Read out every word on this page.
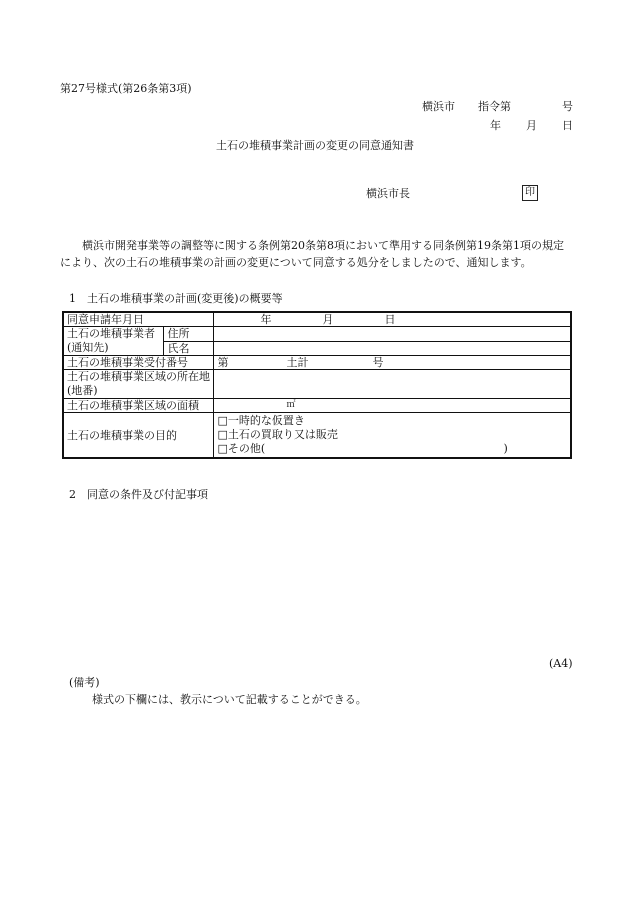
第27号様式(第26条第3項)
横浜市 指令第	号
年 月 日
土石の堆積事業計画の変更の同意通知書
横浜市長	印
横浜市開発事業等の調整等に関する条例第20条第8項において準用する同条例第19条第1項の規定により、次の土石の堆積事業の計画の変更について同意する処分をしましたので、通知します。
1　土石の堆積事業の計画(変更後)の概要等
同意申請年月日		年 月 日

土石の堆積事業者
(通知先)	住所	
	氏名	
土石の堆積事業受付番号		第 土計 号

土石の堆積事業区域の所在地
(地番)		

土石の堆積事業区域の面積		㎡

土石の堆積事業の目的		□一時的な仮置き
□土石の買取り又は販売
□その他( )
2　同意の条件及び付記事項
(A4)
(備考)
様式の下欄には、教示について記載することができる。
